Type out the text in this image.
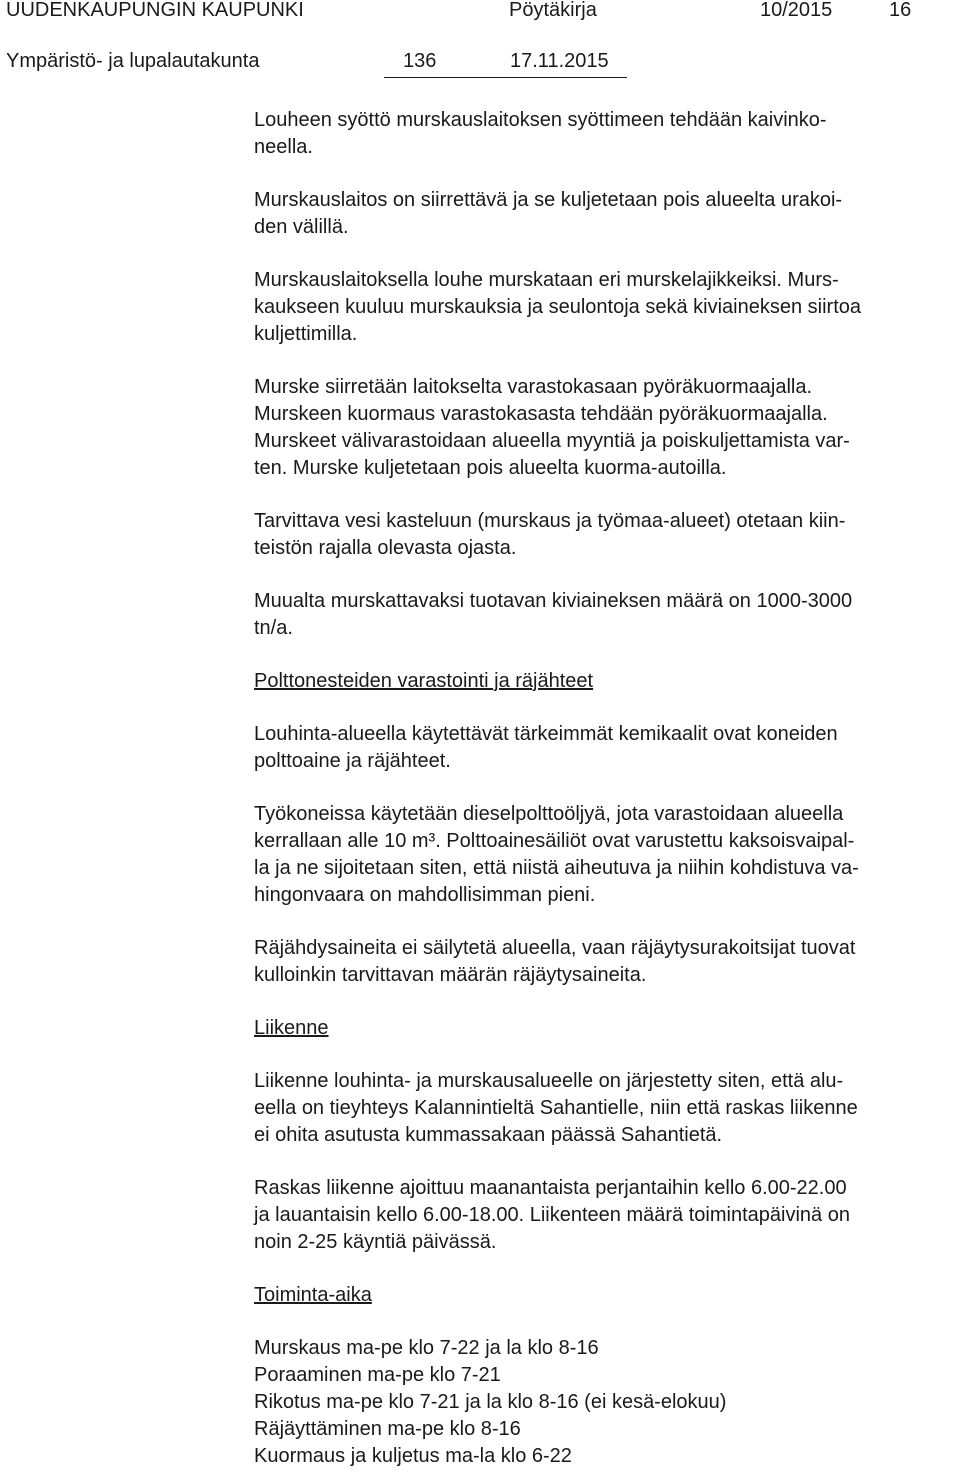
UUDENKAUPUNGIN KAUPUNKI	Pöytäkirja	10/2015	16
Ympäristö- ja lupalautakunta	136	17.11.2015
Louheen syöttö murskauslaitoksen syöttimeen tehdään kaivinko-
neella.
Murskauslaitos on siirrettävä ja se kuljetetaan pois alueelta urakoi-
den välillä.
Murskauslaitoksella louhe murskataan eri murskelajikkeiksi. Murs-
kaukseen kuuluu murskauksia ja seulontoja sekä kiviaineksen siirtoa
kuljettimilla.
Murske siirretään laitokselta varastokasaan pyöräkuormaajalla.
Murskeen kuormaus varastokasasta tehdään pyöräkuormaajalla.
Murskeet välivarastoidaan alueella myyntiä ja poiskuljettamista var-
ten. Murske kuljetetaan pois alueelta kuorma-autoilla.
Tarvittava vesi kasteluun (murskaus ja työmaa-alueet) otetaan kiin-
teistön rajalla olevasta ojasta.
Muualta murskattavaksi tuotavan kiviaineksen määrä on 1000-3000
tn/a.
Polttonesteiden varastointi ja räjähteet
Louhinta-alueella käytettävät tärkeimmät kemikaalit ovat koneiden
polttoaine ja räjähteet.
Työkoneissa käytetään dieselpolttoöljyä, jota varastoidaan alueella
kerrallaan alle 10 m³. Polttoainesäiliöt ovat varustettu kaksoisvaipal-
la ja ne sijoitetaan siten, että niistä aiheutuva ja niihin kohdistuva va-
hingonvaara on mahdollisimman pieni.
Räjähdysaineita ei säilytetä alueella, vaan räjäytysurakoitsijat tuovat
kulloinkin tarvittavan määrän räjäytysaineita.
Liikenne
Liikenne louhinta- ja murskausalueelle on järjestetty siten, että alu-
eella on tieyhteys Kalannintieltä Sahantielle, niin että raskas liikenne
ei ohita asutusta kummassakaan päässä Sahantietä.
Raskas liikenne ajoittuu maanantaista perjantaihin kello 6.00-22.00
ja lauantaisin kello 6.00-18.00. Liikenteen määrä toimintapäivinä on
noin 2-25 käyntiä päivässä.
Toiminta-aika
Murskaus ma-pe klo 7-22 ja la klo 8-16
Poraaminen ma-pe klo 7-21
Rikotus ma-pe klo 7-21 ja la klo 8-16 (ei kesä-elokuu)
Räjäyttäminen ma-pe klo 8-16
Kuormaus ja kuljetus ma-la klo 6-22
